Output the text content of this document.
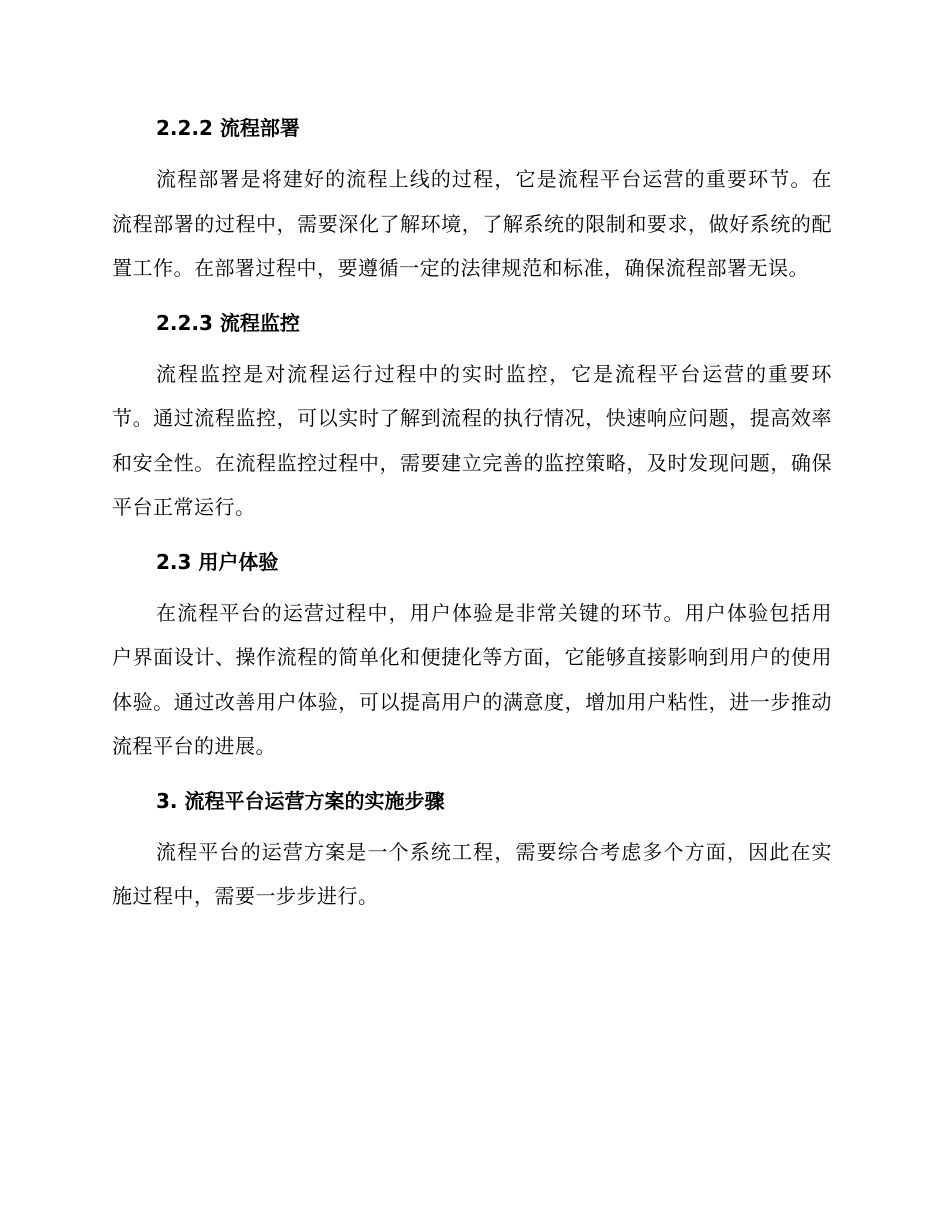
2.2.2 流程部署

流程部署是将建好的流程上线的过程，它是流程平台运营的重要环节。在流程部署的过程中，需要深化了解环境，了解系统的限制和要求，做好系统的配置工作。在部署过程中，要遵循一定的法律规范和标准，确保流程部署无误。

2.2.3 流程监控

流程监控是对流程运行过程中的实时监控，它是流程平台运营的重要环节。通过流程监控，可以实时了解到流程的执行情况，快速响应问题，提高效率和安全性。在流程监控过程中，需要建立完善的监控策略，及时发现问题，确保平台正常运行。

2.3 用户体验

在流程平台的运营过程中，用户体验是非常关键的环节。用户体验包括用户界面设计、操作流程的简单化和便捷化等方面，它能够直接影响到用户的使用体验。通过改善用户体验，可以提高用户的满意度，增加用户粘性，进一步推动流程平台的进展。

3. 流程平台运营方案的实施步骤

流程平台的运营方案是一个系统工程，需要综合考虑多个方面，因此在实施过程中，需要一步步进行。
